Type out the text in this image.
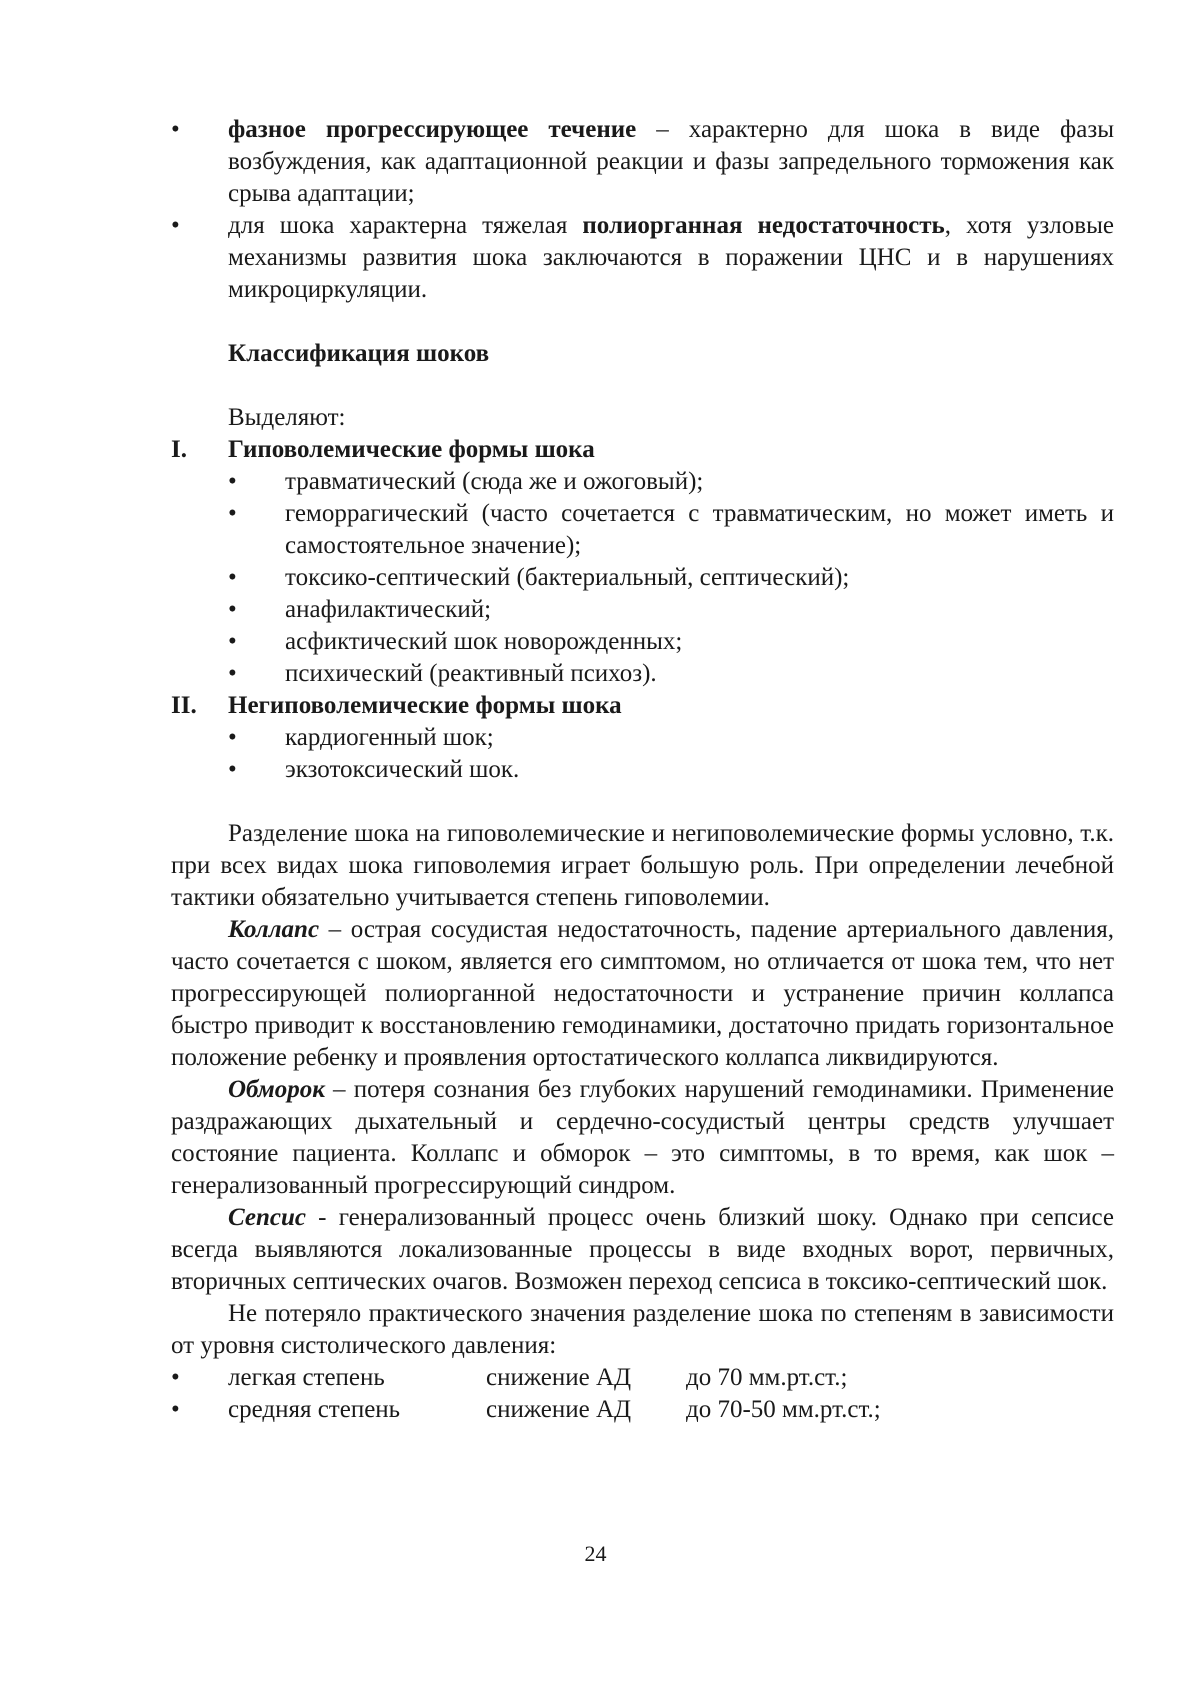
•	фазное прогрессирующее течение – характерно для шока в виде фазы возбуждения, как адаптационной реакции и фазы запредельного торможения как срыва адаптации;

•	для шока характерна тяжелая полиорганная недостаточность, хотя узловые механизмы развития шока заключаются в поражении ЦНС и в нарушениях микроциркуляции.

Классификация шоков

Выделяют:

I.	Гиповолемические формы шока
•	травматический (сюда же и ожоговый);

•	геморрагический (часто сочетается с травматическим, но может иметь и самостоятельное значение);

•	токсико-септический (бактериальный, септический);

•	анафилактический;

•	асфиктический шок новорожденных;

•	психический (реактивный психоз).

II.	Негиповолемические формы шока
•	кардиогенный шок;

•	экзотоксический шок.

Разделение шока на гиповолемические и негиповолемические формы условно, т.к. при всех видах шока гиповолемия играет большую роль. При определении лечебной тактики обязательно учитывается степень гиповолемии.

Коллапс – острая сосудистая недостаточность, падение артериального давления, часто сочетается с шоком, является его симптомом, но отличается от шока тем, что нет прогрессирующей полиорганной недостаточности и устранение причин коллапса быстро приводит к восстановлению гемодинамики, достаточно придать горизонтальное положение ребенку и проявления ортостатического коллапса ликвидируются.

Обморок – потеря сознания без глубоких нарушений гемодинамики. Применение раздражающих дыхательный и сердечно-сосудистый центры средств улучшает состояние пациента. Коллапс и обморок – это симптомы, в то время, как шок – генерализованный прогрессирующий синдром.

Сепсис - генерализованный процесс очень близкий шоку. Однако при сепсисе всегда выявляются локализованные процессы в виде входных ворот, первичных, вторичных септических очагов. Возможен переход сепсиса в токсико-септический шок.

Не потеряло практического значения разделение шока по степеням в зависимости от уровня систолического давления:

•	легкая степень	снижение АД	до 70 мм.рт.ст.;
•	средняя степень	снижение АД	до 70-50 мм.рт.ст.;
24
